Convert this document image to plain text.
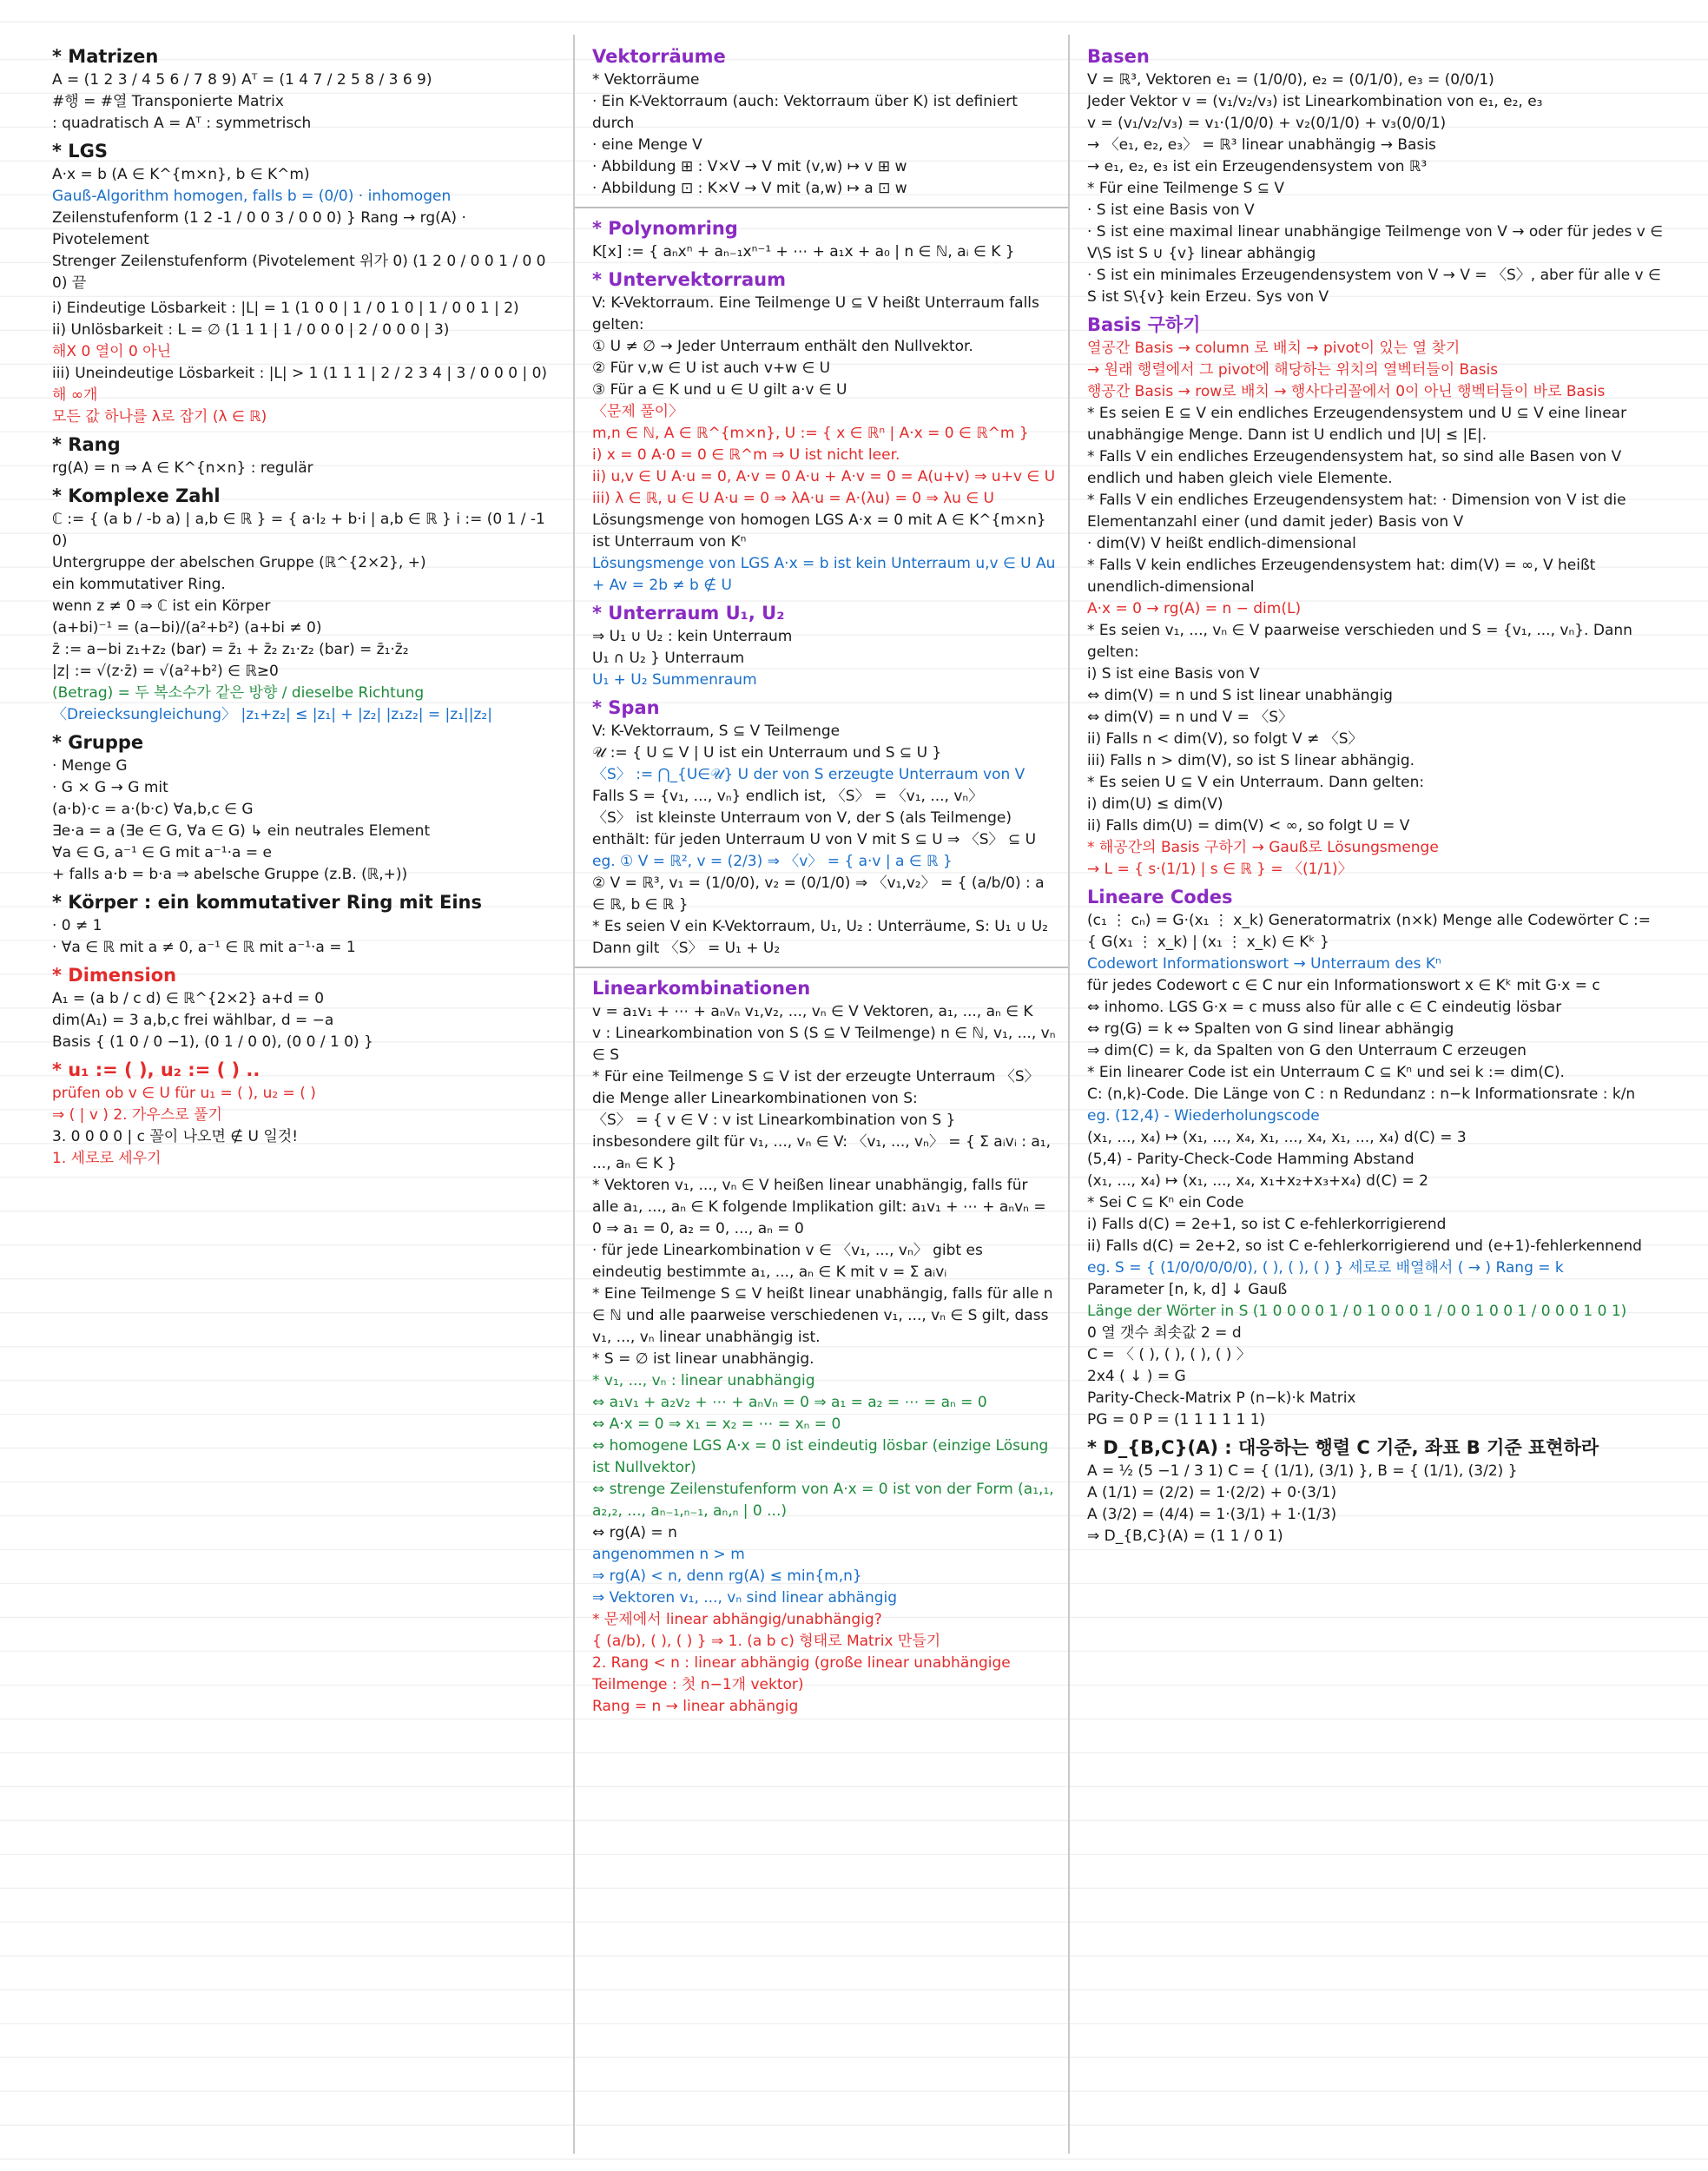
* Matrizen
A = (1 2 3 / 4 5 6 / 7 8 9) Aᵀ = (1 4 7 / 2 5 8 / 3 6 9)
#행 = #열 Transponierte Matrix
: quadratisch A = Aᵀ : symmetrisch
* LGS
A·x = b (A ∈ K^{m×n}, b ∈ K^m)
Gauß-Algorithm homogen, falls b = (0/0) · inhomogen
Zeilenstufenform (1 2 -1 / 0 0 3 / 0 0 0) } Rang → rg(A) · Pivotelement
Strenger Zeilenstufenform (Pivotelement 위가 0) (1 2 0 / 0 0 1 / 0 0 0) 끝
i) Eindeutige Lösbarkeit : |L| = 1 (1 0 0 | 1 / 0 1 0 | 1 / 0 0 1 | 2)
ii) Unlösbarkeit : L = ∅ (1 1 1 | 1 / 0 0 0 | 2 / 0 0 0 | 3)
해X 0 열이 0 아닌
iii) Uneindeutige Lösbarkeit : |L| > 1 (1 1 1 | 2 / 2 3 4 | 3 / 0 0 0 | 0)
해 ∞개
모든 값 하나를 λ로 잡기 (λ ∈ ℝ)
* Rang
rg(A) = n ⇒ A ∈ K^{n×n} : regulär
* Komplexe Zahl
ℂ := { (a b / -b a) | a,b ∈ ℝ } = { a·I₂ + b·i | a,b ∈ ℝ } i := (0 1 / -1 0)
Untergruppe der abelschen Gruppe (ℝ^{2×2}, +)
ein kommutativer Ring.
wenn z ≠ 0 ⇒ ℂ ist ein Körper
(a+bi)⁻¹ = (a−bi)/(a²+b²) (a+bi ≠ 0)
z̄ := a−bi z₁+z₂ (bar) = z̄₁ + z̄₂ z₁·z₂ (bar) = z̄₁·z̄₂
|z| := √(z·z̄) = √(a²+b²) ∈ ℝ≥0
(Betrag) = 두 복소수가 같은 방향 / dieselbe Richtung
〈Dreiecksungleichung〉 |z₁+z₂| ≤ |z₁| + |z₂| |z₁z₂| = |z₁||z₂|
* Gruppe
· Menge G
· G × G → G mit
(a·b)·c = a·(b·c) ∀a,b,c ∈ G
∃e·a = a (∃e ∈ G, ∀a ∈ G) ↳ ein neutrales Element
∀a ∈ G, a⁻¹ ∈ G mit a⁻¹·a = e
+ falls a·b = b·a ⇒ abelsche Gruppe (z.B. (ℝ,+))
* Körper : ein kommutativer Ring mit Eins
· 0 ≠ 1
· ∀a ∈ ℝ mit a ≠ 0, a⁻¹ ∈ ℝ mit a⁻¹·a = 1
* Dimension
A₁ = (a b / c d) ∈ ℝ^{2×2} a+d = 0
dim(A₁) = 3 a,b,c frei wählbar, d = −a
Basis { (1 0 / 0 −1), (0 1 / 0 0), (0 0 / 1 0) }
* u₁ := ( ), u₂ := ( ) ..
prüfen ob v ∈ U für u₁ = ( ), u₂ = ( )
⇒ ( | v ) 2. 가우스로 풀기
3. 0 0 0 0 | c 꼴이 나오면 ∉ U 일것!
1. 세로로 세우기
Vektorräume
* Vektorräume
· Ein K-Vektorraum (auch: Vektorraum über K) ist definiert durch
· eine Menge V
· Abbildung ⊞ : V×V → V mit (v,w) ↦ v ⊞ w
· Abbildung ⊡ : K×V → V mit (a,w) ↦ a ⊡ w
* Polynomring
K[x] := { aₙxⁿ + aₙ₋₁xⁿ⁻¹ + ⋯ + a₁x + a₀ | n ∈ ℕ, aᵢ ∈ K }
* Untervektorraum
V: K-Vektorraum. Eine Teilmenge U ⊆ V heißt Unterraum falls gelten:
① U ≠ ∅ → Jeder Unterraum enthält den Nullvektor.
② Für v,w ∈ U ist auch v+w ∈ U
③ Für a ∈ K und u ∈ U gilt a·v ∈ U
〈문제 풀이〉
m,n ∈ ℕ, A ∈ ℝ^{m×n}, U := { x ∈ ℝⁿ | A·x = 0 ∈ ℝ^m }
i) x = 0 A·0 = 0 ∈ ℝ^m ⇒ U ist nicht leer.
ii) u,v ∈ U A·u = 0, A·v = 0 A·u + A·v = 0 = A(u+v) ⇒ u+v ∈ U
iii) λ ∈ ℝ, u ∈ U A·u = 0 ⇒ λA·u = A·(λu) = 0 ⇒ λu ∈ U
Lösungsmenge von homogen LGS A·x = 0 mit A ∈ K^{m×n} ist Unterraum von Kⁿ
Lösungsmenge von LGS A·x = b ist kein Unterraum u,v ∈ U Au + Av = 2b ≠ b ∉ U
* Unterraum U₁, U₂
⇒ U₁ ∪ U₂ : kein Unterraum
U₁ ∩ U₂ } Unterraum
U₁ + U₂ Summenraum
* Span
V: K-Vektorraum, S ⊆ V Teilmenge
𝒰 := { U ⊆ V | U ist ein Unterraum und S ⊆ U }
〈S〉 := ⋂_{U∈𝒰} U der von S erzeugte Unterraum von V
Falls S = {v₁, ..., vₙ} endlich ist, 〈S〉 = 〈v₁, ..., vₙ〉
〈S〉 ist kleinste Unterraum von V, der S (als Teilmenge) enthält: für jeden Unterraum U von V mit S ⊆ U ⇒ 〈S〉 ⊆ U
eg. ① V = ℝ², v = (2/3) ⇒ 〈v〉 = { a·v | a ∈ ℝ }
② V = ℝ³, v₁ = (1/0/0), v₂ = (0/1/0) ⇒ 〈v₁,v₂〉 = { (a/b/0) : a ∈ ℝ, b ∈ ℝ }
* Es seien V ein K-Vektorraum, U₁, U₂ : Unterräume, S: U₁ ∪ U₂
Dann gilt 〈S〉 = U₁ + U₂
Linearkombinationen
v = a₁v₁ + ⋯ + aₙvₙ v₁,v₂, ..., vₙ ∈ V Vektoren, a₁, ..., aₙ ∈ K
v : Linearkombination von S (S ⊆ V Teilmenge) n ∈ ℕ, v₁, ..., vₙ ∈ S
* Für eine Teilmenge S ⊆ V ist der erzeugte Unterraum 〈S〉 die Menge aller Linearkombinationen von S:
〈S〉 = { v ∈ V : v ist Linearkombination von S }
insbesondere gilt für v₁, ..., vₙ ∈ V: 〈v₁, ..., vₙ〉 = { Σ aᵢvᵢ : a₁, ..., aₙ ∈ K }
* Vektoren v₁, ..., vₙ ∈ V heißen linear unabhängig, falls für alle a₁, ..., aₙ ∈ K folgende Implikation gilt: a₁v₁ + ⋯ + aₙvₙ = 0 ⇒ a₁ = 0, a₂ = 0, ..., aₙ = 0
· für jede Linearkombination v ∈ 〈v₁, ..., vₙ〉 gibt es eindeutig bestimmte a₁, ..., aₙ ∈ K mit v = Σ aᵢvᵢ
* Eine Teilmenge S ⊆ V heißt linear unabhängig, falls für alle n ∈ ℕ und alle paarweise verschiedenen v₁, ..., vₙ ∈ S gilt, dass v₁, ..., vₙ linear unabhängig ist.
* S = ∅ ist linear unabhängig.
* v₁, ..., vₙ : linear unabhängig
⇔ a₁v₁ + a₂v₂ + ⋯ + aₙvₙ = 0 ⇒ a₁ = a₂ = ⋯ = aₙ = 0
⇔ A·x = 0 ⇒ x₁ = x₂ = ⋯ = xₙ = 0
⇔ homogene LGS A·x = 0 ist eindeutig lösbar (einzige Lösung ist Nullvektor)
⇔ strenge Zeilenstufenform von A·x = 0 ist von der Form (a₁,₁, a₂,₂, ..., aₙ₋₁,ₙ₋₁, aₙ,ₙ | 0 ...)
⇔ rg(A) = n
angenommen n > m
⇒ rg(A) < n, denn rg(A) ≤ min{m,n}
⇒ Vektoren v₁, ..., vₙ sind linear abhängig
* 문제에서 linear abhängig/unabhängig?
{ (a/b), ( ), ( ) } ⇒ 1. (a b c) 형태로 Matrix 만들기
2. Rang < n : linear abhängig (große linear unabhängige Teilmenge : 첫 n−1개 vektor)
Rang = n → linear abhängig
Basen
V = ℝ³, Vektoren e₁ = (1/0/0), e₂ = (0/1/0), e₃ = (0/0/1)
Jeder Vektor v = (v₁/v₂/v₃) ist Linearkombination von e₁, e₂, e₃
v = (v₁/v₂/v₃) = v₁·(1/0/0) + v₂(0/1/0) + v₃(0/0/1)
→ 〈e₁, e₂, e₃〉 = ℝ³ linear unabhängig → Basis
→ e₁, e₂, e₃ ist ein Erzeugendensystem von ℝ³
* Für eine Teilmenge S ⊆ V
· S ist eine Basis von V
· S ist eine maximal linear unabhängige Teilmenge von V → oder für jedes v ∈ V\S ist S ∪ {v} linear abhängig
· S ist ein minimales Erzeugendensystem von V → V = 〈S〉, aber für alle v ∈ S ist S\{v} kein Erzeu. Sys von V
Basis 구하기
열공간 Basis → column 로 배치 → pivot이 있는 열 찾기
→ 원래 행렬에서 그 pivot에 해당하는 위치의 열벡터들이 Basis
행공간 Basis → row로 배치 → 행사다리꼴에서 0이 아닌 행벡터들이 바로 Basis
* Es seien E ⊆ V ein endliches Erzeugendensystem und U ⊆ V eine linear unabhängige Menge. Dann ist U endlich und |U| ≤ |E|.
* Falls V ein endliches Erzeugendensystem hat, so sind alle Basen von V endlich und haben gleich viele Elemente.
* Falls V ein endliches Erzeugendensystem hat: · Dimension von V ist die Elementanzahl einer (und damit jeder) Basis von V
· dim(V) V heißt endlich-dimensional
* Falls V kein endliches Erzeugendensystem hat: dim(V) = ∞, V heißt unendlich-dimensional
A·x = 0 → rg(A) = n − dim(L)
* Es seien v₁, ..., vₙ ∈ V paarweise verschieden und S = {v₁, ..., vₙ}. Dann gelten:
i) S ist eine Basis von V
⇔ dim(V) = n und S ist linear unabhängig
⇔ dim(V) = n und V = 〈S〉
ii) Falls n < dim(V), so folgt V ≠ 〈S〉
iii) Falls n > dim(V), so ist S linear abhängig.
* Es seien U ⊆ V ein Unterraum. Dann gelten:
i) dim(U) ≤ dim(V)
ii) Falls dim(U) = dim(V) < ∞, so folgt U = V
* 해공간의 Basis 구하기 → Gauß로 Lösungsmenge
→ L = { s·(1/1) | s ∈ ℝ } = 〈(1/1)〉
Lineare Codes
(c₁ ⋮ cₙ) = G·(x₁ ⋮ x_k) Generatormatrix (n×k) Menge alle Codewörter C := { G(x₁ ⋮ x_k) | (x₁ ⋮ x_k) ∈ Kᵏ }
Codewort Informationswort → Unterraum des Kⁿ
für jedes Codewort c ∈ C nur ein Informationswort x ∈ Kᵏ mit G·x = c
⇔ inhomo. LGS G·x = c muss also für alle c ∈ C eindeutig lösbar
⇔ rg(G) = k ⇔ Spalten von G sind linear abhängig
⇒ dim(C) = k, da Spalten von G den Unterraum C erzeugen
* Ein linearer Code ist ein Unterraum C ⊆ Kⁿ und sei k := dim(C).
C: (n,k)-Code. Die Länge von C : n Redundanz : n−k Informationsrate : k/n
eg. (12,4) - Wiederholungscode
(x₁, ..., x₄) ↦ (x₁, ..., x₄, x₁, ..., x₄, x₁, ..., x₄) d(C) = 3
(5,4) - Parity-Check-Code Hamming Abstand
(x₁, ..., x₄) ↦ (x₁, ..., x₄, x₁+x₂+x₃+x₄) d(C) = 2
* Sei C ⊆ Kⁿ ein Code
i) Falls d(C) = 2e+1, so ist C e-fehlerkorrigierend
ii) Falls d(C) = 2e+2, so ist C e-fehlerkorrigierend und (e+1)-fehlerkennend
eg. S = { (1/0/0/0/0/0), ( ), ( ), ( ) } 세로로 배열해서 ( → ) Rang = k
Parameter [n, k, d] ↓ Gauß
Länge der Wörter in S (1 0 0 0 0 1 / 0 1 0 0 0 1 / 0 0 1 0 0 1 / 0 0 0 1 0 1)
0 열 갯수 최솟값 2 = d
C = 〈 ( ), ( ), ( ), ( ) 〉
2x4 ( ↓ ) = G
Parity-Check-Matrix P (n−k)·k Matrix
PG = 0 P = (1 1 1 1 1 1)
* D_{B,C}(A) : 대응하는 행렬 C 기준, 좌표 B 기준 표현하라
A = ½ (5 −1 / 3 1) C = { (1/1), (3/1) }, B = { (1/1), (3/2) }
A (1/1) = (2/2) = 1·(2/2) + 0·(3/1)
A (3/2) = (4/4) = 1·(3/1) + 1·(1/3)
⇒ D_{B,C}(A) = (1 1 / 0 1)
